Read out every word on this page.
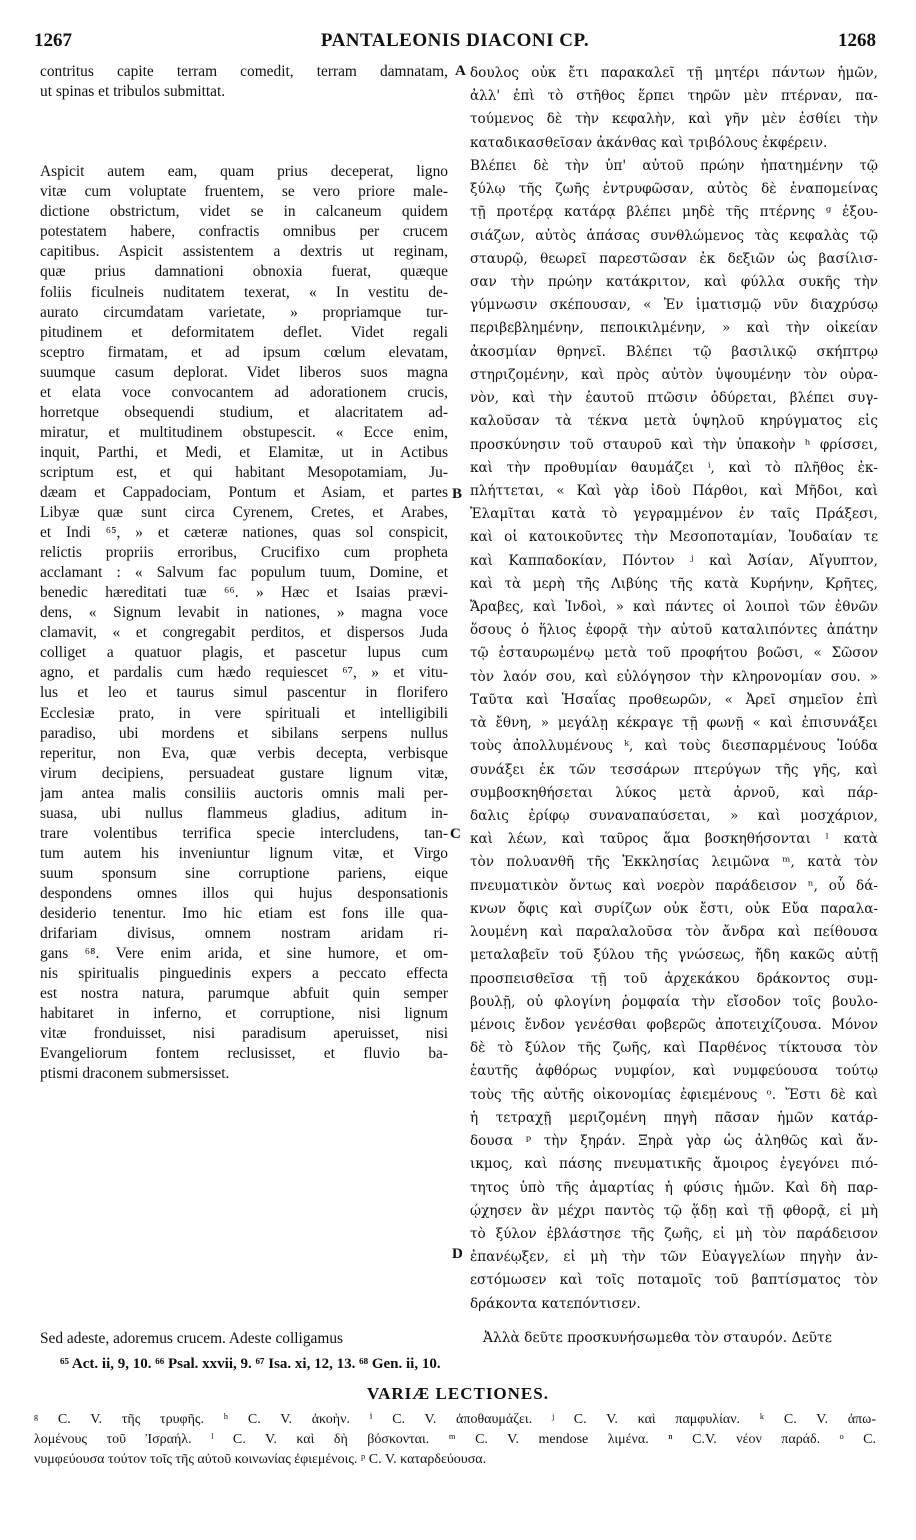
1267	PANTALEONIS DIACONI CP.	1268
contritus capite terram comedit, terram damnatam,
ut spinas et tribulos submittat.
Aspicit autem eam, quam prius deceperat, ligno
vitæ cum voluptate fruentem, se vero priore male-
dictione obstrictum, videt se in calcaneum quidem
potestatem habere, confractis omnibus per crucem
capitibus. Aspicit assistentem a dextris ut reginam,
quæ prius damnationi obnoxia fuerat, quæque
foliis ficulneis nuditatem texerat, « In vestitu de-
aurato circumdatam varietate, » propriamque tur-
pitudinem et deformitatem deflet. Videt regali
sceptro firmatam, et ad ipsum cœlum elevatam,
suumque casum deplorat. Videt liberos suos magna
et elata voce convocantem ad adorationem crucis,
horretque obsequendi studium, et alacritatem ad-
miratur, et multitudinem obstupescit. « Ecce enim,
inquit, Parthi, et Medi, et Elamitæ, ut in Actibus
scriptum est, et qui habitant Mesopotamiam, Ju-
dæam et Cappadociam, Pontum et Asiam, et partes
Libyæ quæ sunt circa Cyrenem, Cretes, et Arabes,
et Indi ⁶⁵, » et cæteræ nationes, quas sol conspicit,
relictis propriis erroribus, Crucifixo cum propheta
acclamant : « Salvum fac populum tuum, Domine, et
benedic hæreditati tuæ ⁶⁶. » Hæc et Isaias prævi-
dens, « Signum levabit in nationes, » magna voce
clamavit, « et congregabit perditos, et dispersos Juda
colliget a quatuor plagis, et pascetur lupus cum
agno, et pardalis cum hædo requiescet ⁶⁷, » et vitu-
lus et leo et taurus simul pascentur in florifero
Ecclesiæ prato, in vere spirituali et intelligibili
paradiso, ubi mordens et sibilans serpens nullus
reperitur, non Eva, quæ verbis decepta, verbisque
virum decipiens, persuadeat gustare lignum vitæ,
jam antea malis consiliis auctoris omnis mali per-
suasa, ubi nullus flammeus gladius, aditum in-
trare volentibus terrifica specie intercludens, tan-
tum autem his inveniuntur lignum vitæ, et Virgo
suum sponsum sine corruptione pariens, eique
despondens omnes illos qui hujus desponsationis
desiderio tenentur. Imo hic etiam est fons ille qua-
drifariam divisus, omnem nostram aridam ri-
gans ⁶⁸. Vere enim arida, et sine humore, et om-
nis spiritualis pinguedinis expers a peccato effecta
est nostra natura, parumque abfuit quin semper
habitaret in inferno, et corruptione, nisi lignum
vitæ fronduisset, nisi paradisum aperuisset, nisi
Evangeliorum fontem reclusisset, et fluvio ba-
ptismi draconem submersisset.
δουλος οὐκ ἔτι παρακαλεῖ τῇ μητέρι πάντων ἡμῶν,
ἀλλ' ἐπὶ τὸ στῆθος ἕρπει τηρῶν μὲν πτέρναν, πα-
τούμενος δὲ τὴν κεφαλὴν, καὶ γῆν μὲν ἐσθίει τὴν
καταδικασθεῖσαν ἀκάνθας καὶ τριβόλους ἐκφέρειν.
Βλέπει δὲ τὴν ὑπ' αὐτοῦ πρώην ἠπατημένην τῷ
ξύλῳ τῆς ζωῆς ἐντρυφῶσαν, αὐτὸς δὲ ἐναπομείνας
τῇ προτέρᾳ κατάρᾳ βλέπει μηδὲ τῆς πτέρνης ᵍ ἐξου-
σιάζων, αὐτὸς ἁπάσας συνθλώμενος τὰς κεφαλὰς τῷ
σταυρῷ, θεωρεῖ παρεστῶσαν ἐκ δεξιῶν ὡς βασίλισ-
σαν τὴν πρώην κατάκριτον, καὶ φύλλα συκῆς τὴν
γύμνωσιν σκέπουσαν, « Ἐν ἱματισμῷ νῦν διαχρύσῳ
περιβεβλημένην, πεποικιλμένην, » καὶ τὴν οἰκείαν
ἀκοσμίαν θρηνεῖ. Βλέπει τῷ βασιλικῷ σκήπτρῳ
στηριζομένην, καὶ πρὸς αὐτὸν ὑψουμένην τὸν οὐρα-
νὸν, καὶ τὴν ἑαυτοῦ πτῶσιν ὀδύρεται, βλέπει συγ-
καλοῦσαν τὰ τέκνα μετὰ ὑψηλοῦ κηρύγματος εἰς
προσκύνησιν τοῦ σταυροῦ καὶ τὴν ὑπακοὴν ʰ φρίσσει,
καὶ τὴν προθυμίαν θαυμάζει ⁱ, καὶ τὸ πλῆθος ἐκ-
πλήττεται, « Καὶ γὰρ ἰδοὺ Πάρθοι, καὶ Μῆδοι, καὶ
Ἐλαμῖται κατὰ τὸ γεγραμμένον ἐν ταῖς Πράξεσι,
καὶ οἱ κατοικοῦντες τὴν Μεσοποταμίαν, Ἰουδαίαν τε
καὶ Καππαδοκίαν, Πόντον ʲ καὶ Ἀσίαν, Αἴγυπτον,
καὶ τὰ μερὴ τῆς Λιβύης τῆς κατὰ Κυρήνην, Κρῆτες,
Ἄραβες, καὶ Ἰνδοὶ, » καὶ πάντες οἱ λοιποὶ τῶν ἐθνῶν
ὅσους ὁ ἥλιος ἐφορᾷ τὴν αὐτοῦ καταλιπόντες ἀπάτην
τῷ ἐσταυρωμένῳ μετὰ τοῦ προφήτου βοῶσι, « Σῶσον
τὸν λαόν σου, καὶ εὐλόγησον τὴν κληρονομίαν σου. »
Ταῦτα καὶ Ἡσαΐας προθεωρῶν, « Ἀρεῖ σημεῖον ἐπὶ
τὰ ἔθνη, » μεγάλῃ κέκραγε τῇ φωνῇ « καὶ ἐπισυνάξει
τοὺς ἀπολλυμένους ᵏ, καὶ τοὺς διεσπαρμένους Ἰούδα
συνάξει ἐκ τῶν τεσσάρων πτερύγων τῆς γῆς, καὶ
συμβοσκηθήσεται λύκος μετὰ ἀρνοῦ, καὶ πάρ-
δαλις ἐρίφῳ συναναπαύσεται, » καὶ μοσχάριον,
καὶ λέων, καὶ ταῦρος ἅμα βοσκηθήσονται ˡ κατὰ
τὸν πολυανθῆ τῆς Ἐκκλησίας λειμῶνα ᵐ, κατὰ τὸν
πνευματικὸν ὄντως καὶ νοερὸν παράδεισον ⁿ, οὗ δά-
κνων ὄφις καὶ συρίζων οὐκ ἔστι, οὐκ Εὔα παραλα-
λουμένη καὶ παραλαλοῦσα τὸν ἄνδρα καὶ πείθουσα
μεταλαβεῖν τοῦ ξύλου τῆς γνώσεως, ἤδη κακῶς αὐτῇ
προσπεισθεῖσα τῇ τοῦ ἀρχεκάκου δράκοντος συμ-
βουλῇ, οὐ φλογίνη ῥομφαία τὴν εἴσοδον τοῖς βουλο-
μένοις ἔνδον γενέσθαι φοβερῶς ἀποτειχίζουσα. Μόνον
δὲ τὸ ξύλον τῆς ζωῆς, καὶ Παρθένος τίκτουσα τὸν
ἑαυτῆς ἀφθόρως νυμφίον, καὶ νυμφεύουσα τούτῳ
τοὺς τῆς αὐτῆς οἰκονομίας ἐφιεμένους ᵒ. Ἔστι δὲ καὶ
ἡ τετραχῇ μεριζομένη πηγὴ πᾶσαν ἡμῶν κατάρ-
δουσα ᵖ τὴν ξηράν. Ξηρὰ γὰρ ὡς ἀληθῶς καὶ ἄν-
ικμος, καὶ πάσης πνευματικῆς ἄμοιρος ἐγεγόνει πιό-
τητος ὑπὸ τῆς ἁμαρτίας ἡ φύσις ἡμῶν. Καὶ δὴ παρ-
ῴχησεν ἂν μέχρι παντὸς τῷ ᾅδῃ καὶ τῇ φθορᾷ, εἰ μὴ
τὸ ξύλον ἐβλάστησε τῆς ζωῆς, εἰ μὴ τὸν παράδεισον
ἐπανέῳξεν, εἰ μὴ τὴν τῶν Εὐαγγελίων πηγὴν ἀν-
εστόμωσεν καὶ τοῖς ποταμοῖς τοῦ βαπτίσματος τὸν
δράκοντα κατεπόντισεν.
A
B
C
D
Sed adeste, adoremus crucem. Adeste colligamus	Ἀλλὰ δεῦτε προσκυνήσωμεθα τὸν σταυρόν. Δεῦτε
⁶⁵ Act. ii, 9, 10. ⁶⁶ Psal. xxvii, 9. ⁶⁷ Isa. xi, 12, 13. ⁶⁸ Gen. ii, 10.
VARIÆ LECTIONES.
ᵍ C. V. τῆς τρυφῆς. ʰ C. V. ἀκοὴν. ⁱ C. V. ἀποθαυμάζει. ʲ C. V. καὶ παμφυλίαν. ᵏ C. V. ἀπω-
λομένους τοῦ Ἰσραήλ. ˡ C. V. καὶ δὴ βόσκονται. ᵐ C. V. mendose λιμένα. ⁿ C.V. νέον παράδ. ᵒ C.
νυμφεύουσα τούτον τοῖς τῆς αὐτοῦ κοινωνίας ἐφιεμένοις. ᵖ C. V. καταρδεύουσα.
